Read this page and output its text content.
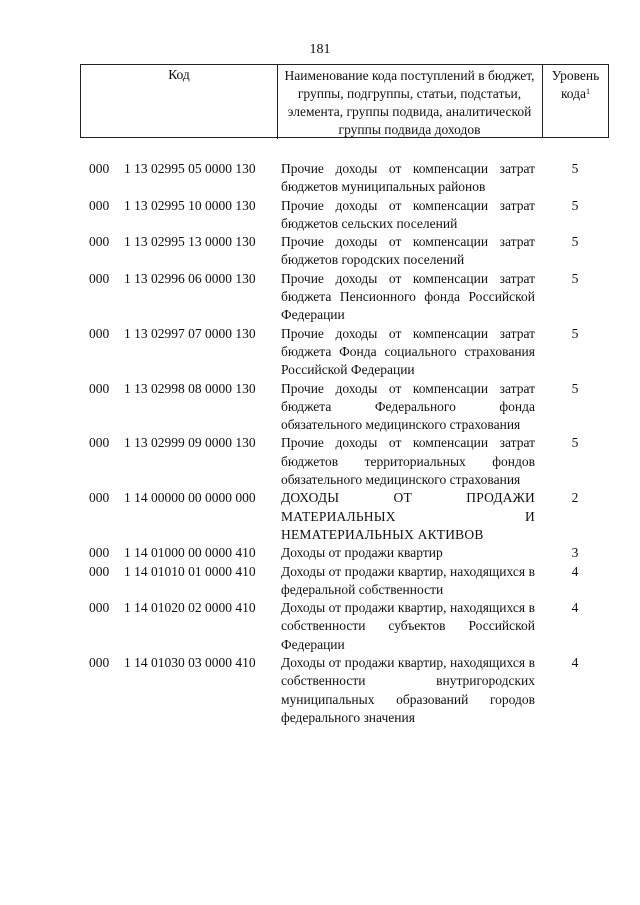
181
Код	Наименование кода поступлений в бюджет, группы, подгруппы, статьи, подстатьи, элемента, группы подвида, аналитической группы подвида доходов
Уровень кода$^1$
000 1 13 02995 05 0000 130 Прочие доходы от компенсации затрат бюджетов муниципальных районов
5
000 1 13 02995 10 0000 130 Прочие доходы от компенсации затрат бюджетов сельских поселений
5
000 1 13 02995 13 0000 130 Прочие доходы от компенсации затрат бюджетов городских поселений
5
000 1 13 02996 06 0000 130 Прочие доходы от компенсации затрат бюджета Пенсионного фонда Российской Федерации
5
000 1 13 02997 07 0000 130 Прочие доходы от компенсации затрат бюджета Фонда социального страхования Российской Федерации
5
000 1 13 02998 08 0000 130 Прочие доходы от компенсации затрат бюджета Федерального фонда обязательного медицинского страхования
5
000 1 13 02999 09 0000 130 Прочие доходы от компенсации затрат бюджетов территориальных фондов обязательного медицинского страхования
5
000 1 14 00000 00 0000 000 ДОХОДЫ ОТ ПРОДАЖИ МАТЕРИАЛЬНЫХ И НЕМАТЕРИАЛЬНЫХ АКТИВОВ
2
000 1 14 01000 00 0000 410 Доходы от продажи квартир	3
000 1 14 01010 01 0000 410 Доходы от продажи квартир, находящихся в федеральной собственности
4
000 1 14 01020 02 0000 410 Доходы от продажи квартир, находящихся в собственности субъектов Российской Федерации
4
000 1 14 01030 03 0000 410 Доходы от продажи квартир, находящихся в собственности внутригородских муниципальных образований городов федерального значения
4
